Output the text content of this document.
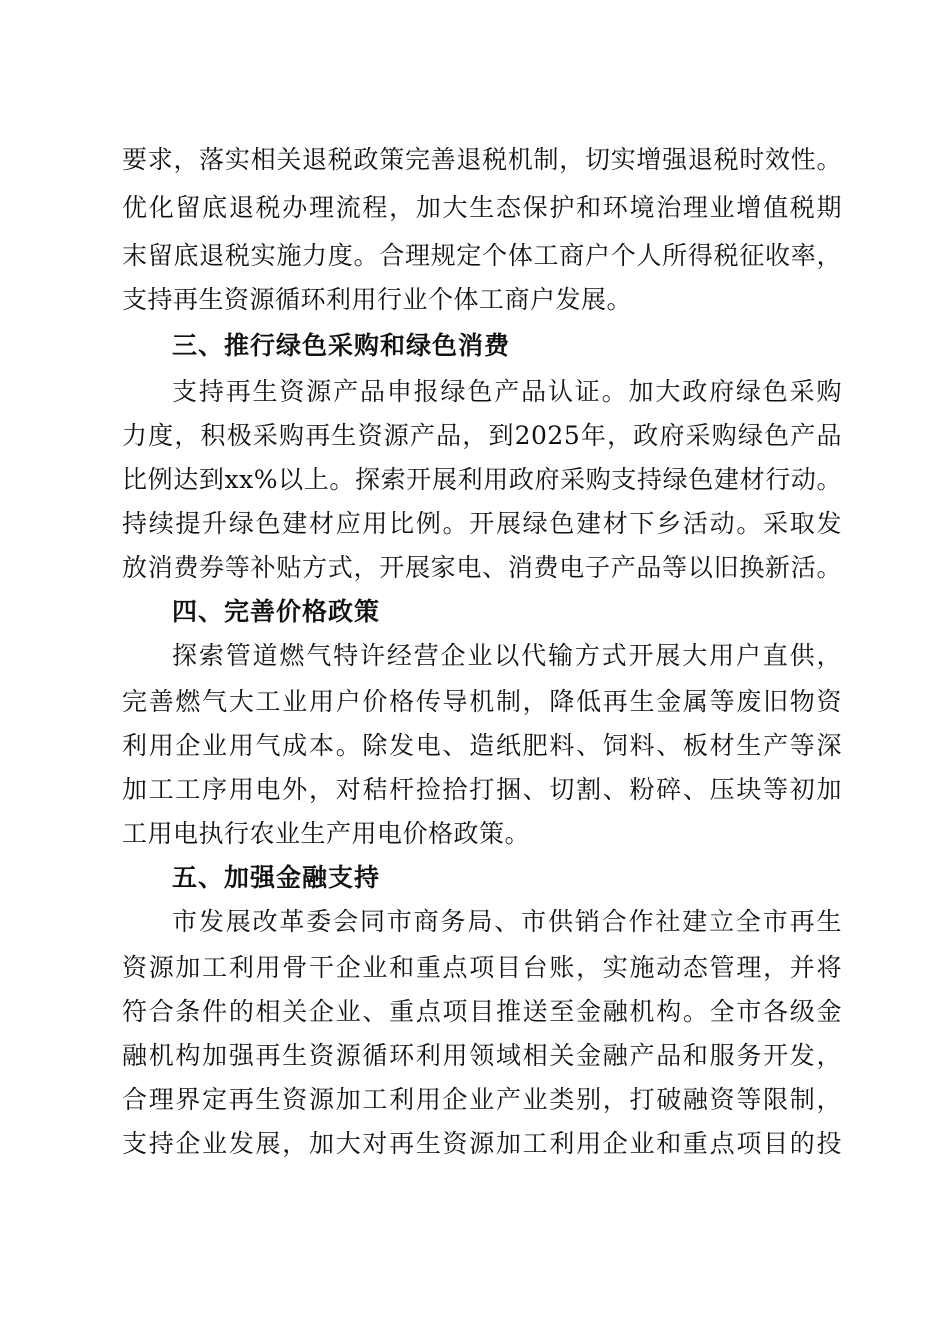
要求，落实相关退税政策完善退税机制，切实增强退税时效性。
优化留底退税办理流程，加大生态保护和环境治理业增值税期
末留底退税实施力度。合理规定个体工商户个人所得税征收率，
支持再生资源循环利用行业个体工商户发展。
三、推行绿色采购和绿色消费
支持再生资源产品申报绿色产品认证。加大政府绿色采购
力度，积极采购再生资源产品，到2025年，政府采购绿色产品
比例达到xx%以上。探索开展利用政府采购支持绿色建材行动。
持续提升绿色建材应用比例。开展绿色建材下乡活动。采取发
放消费券等补贴方式，开展家电、消费电子产品等以旧换新活。
四、完善价格政策
探索管道燃气特许经营企业以代输方式开展大用户直供，
完善燃气大工业用户价格传导机制，降低再生金属等废旧物资
利用企业用气成本。除发电、造纸肥料、饲料、板材生产等深
加工工序用电外，对秸杆捡拾打捆、切割、粉碎、压块等初加
工用电执行农业生产用电价格政策。
五、加强金融支持
市发展改革委会同市商务局、市供销合作社建立全市再生
资源加工利用骨干企业和重点项目台账，实施动态管理，并将
符合条件的相关企业、重点项目推送至金融机构。全市各级金
融机构加强再生资源循环利用领域相关金融产品和服务开发，
合理界定再生资源加工利用企业产业类别，打破融资等限制，
支持企业发展，加大对再生资源加工利用企业和重点项目的投
